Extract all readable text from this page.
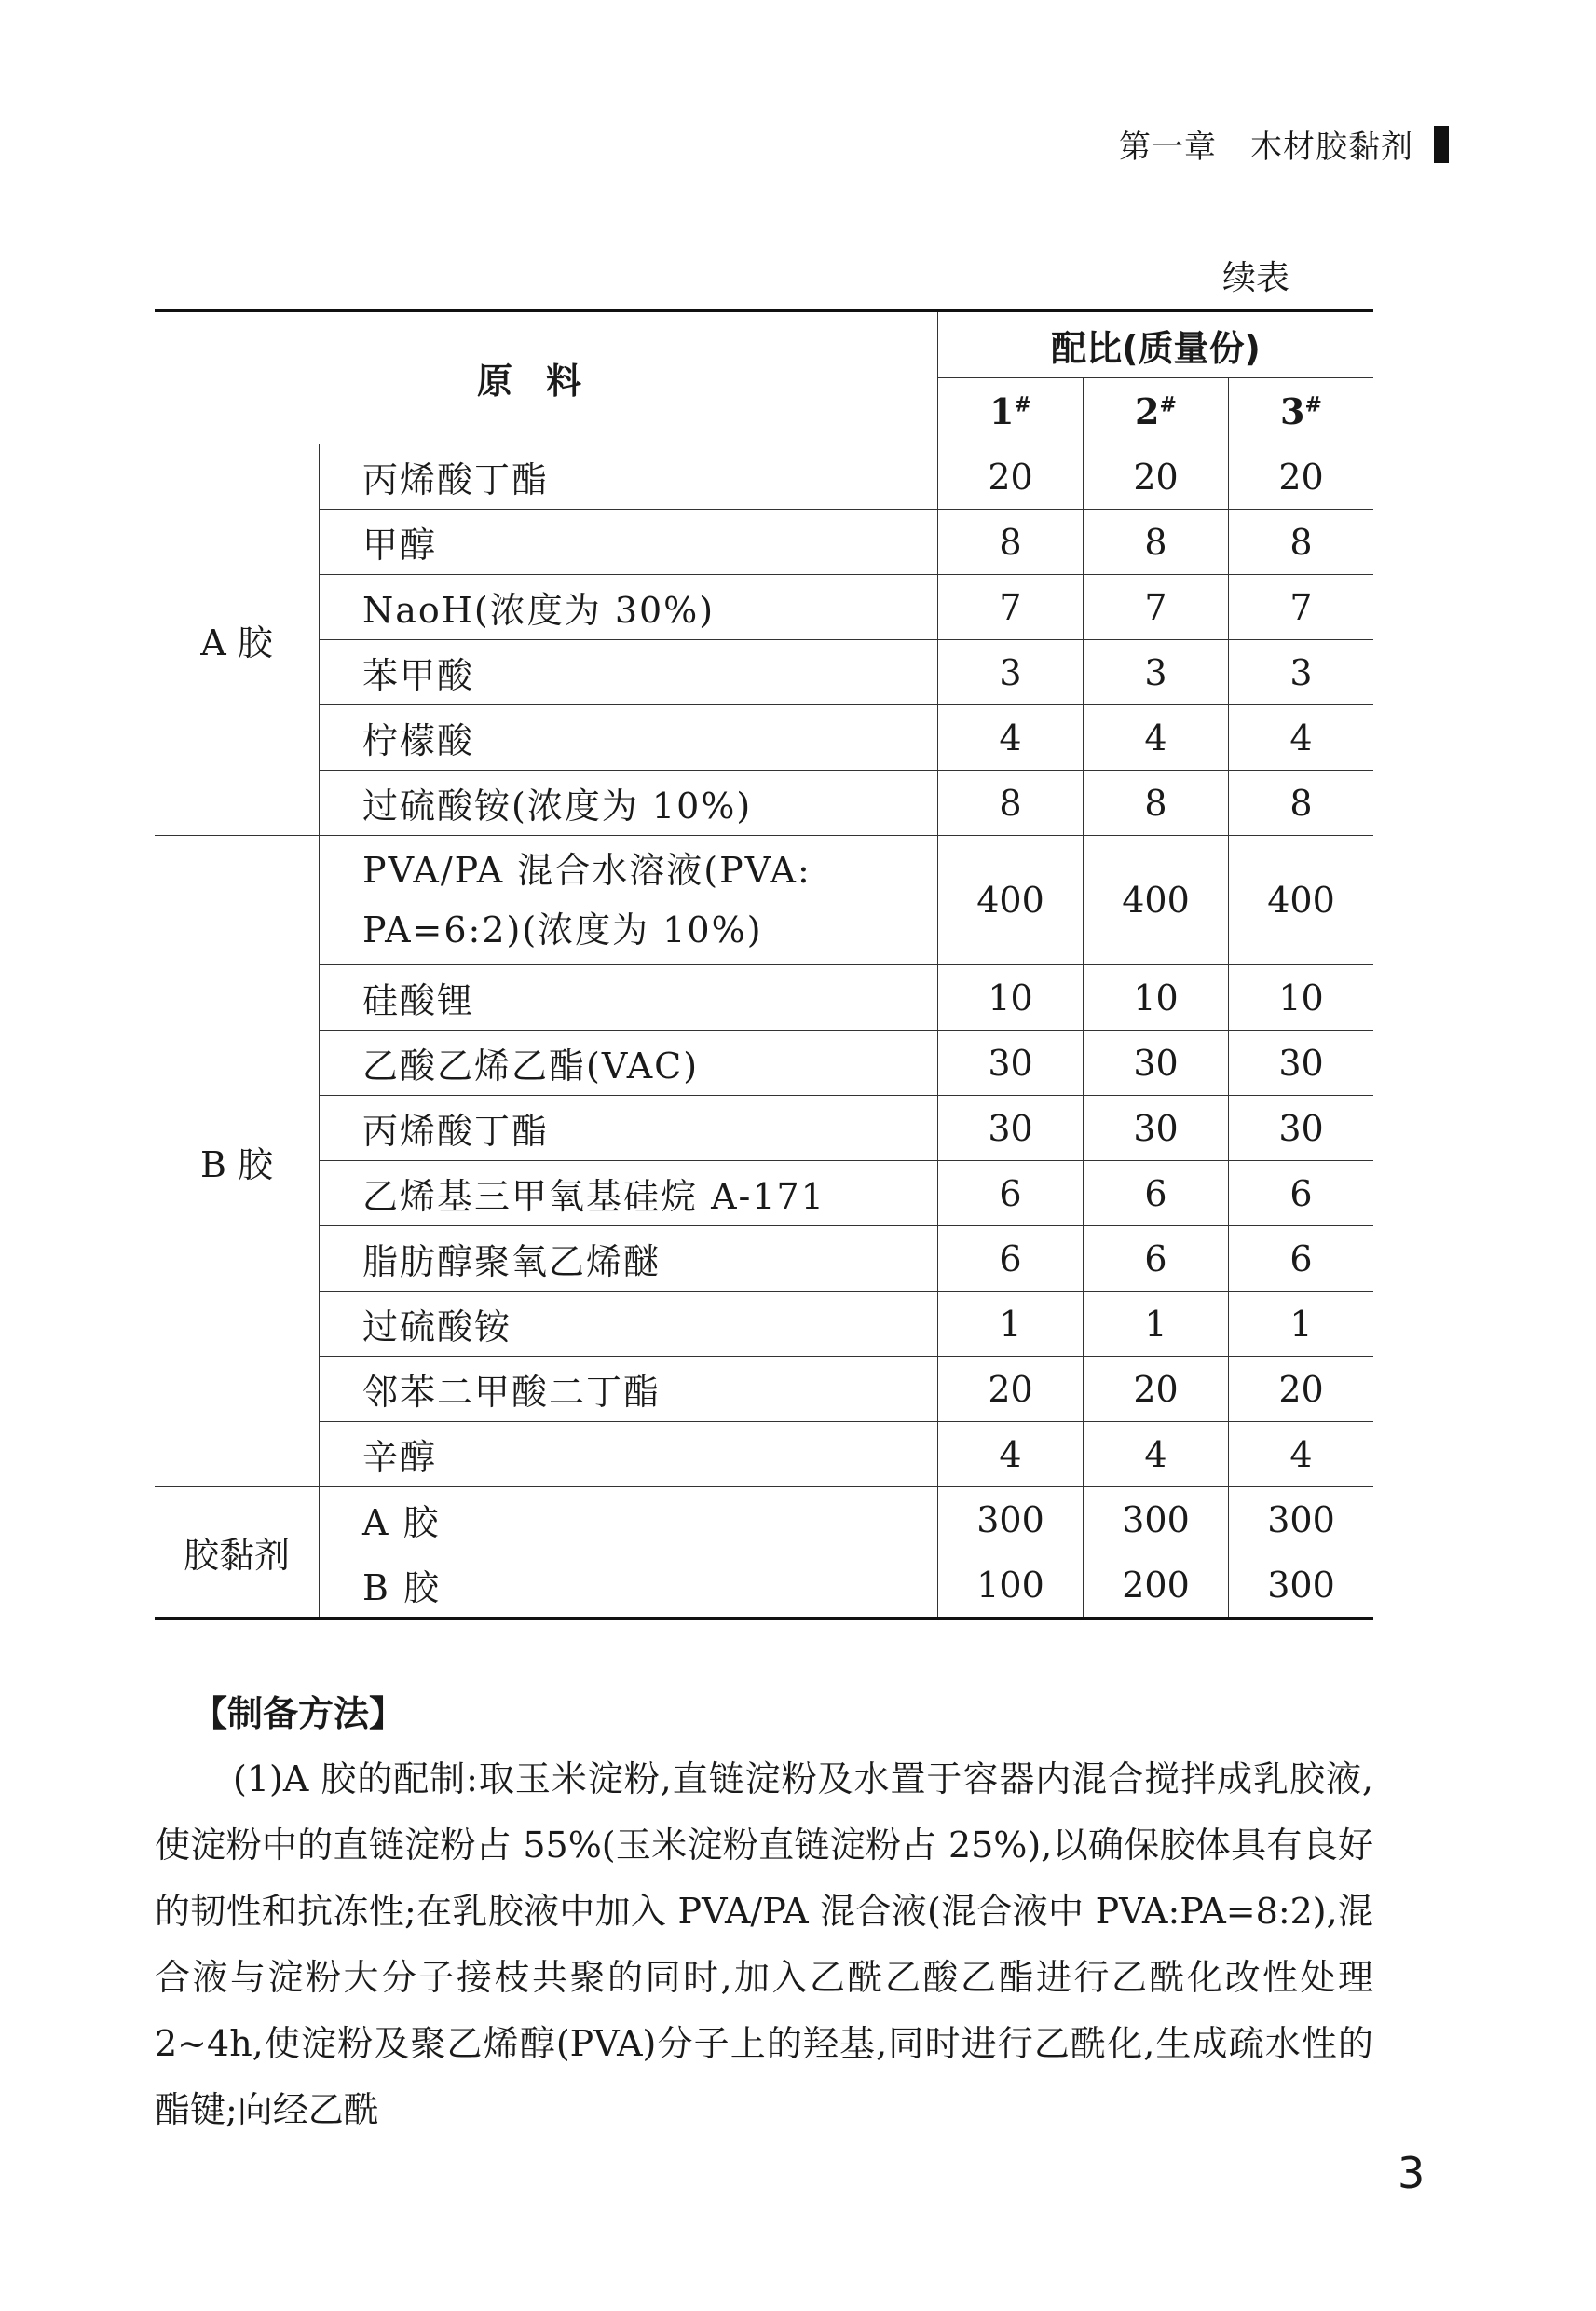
第一章 木材胶黏剂
续表
原料		配比(质量份)		
		1#	2#	3#
A 胶	丙烯酸丁酯	20	20	20
	甲醇	8	8	8
	NaoH(浓度为 30%)	7	7	7
	苯甲酸	3	3	3
	柠檬酸	4	4	4
	过硫酸铵(浓度为 10%)	8	8	8
B 胶	PVA/PA 混合水溶液(PVA:
PA=6:2)(浓度为 10%)	400	400	400
	硅酸锂	10	10	10
	乙酸乙烯乙酯(VAC)	30	30	30
	丙烯酸丁酯	30	30	30
	乙烯基三甲氧基硅烷 A-171	6	6	6
	脂肪醇聚氧乙烯醚	6	6	6
	过硫酸铵	1	1	1
	邻苯二甲酸二丁酯	20	20	20
	辛醇	4	4	4
胶黏剂	A 胶	300	300	300
	B 胶	100	200	300
【制备方法】
(1)A 胶的配制:取玉米淀粉,直链淀粉及水置于容器内混合搅拌成乳胶液,使淀粉中的直链淀粉占 55%(玉米淀粉直链淀粉占 25%),以确保胶体具有良好的韧性和抗冻性;在乳胶液中加入 PVA/PA 混合液(混合液中 PVA:PA=8:2),混合液与淀粉大分子接枝共聚的同时,加入乙酰乙酸乙酯进行乙酰化改性处理 2~4h,使淀粉及聚乙烯醇(PVA)分子上的羟基,同时进行乙酰化,生成疏水性的酯键;向经乙酰
3
